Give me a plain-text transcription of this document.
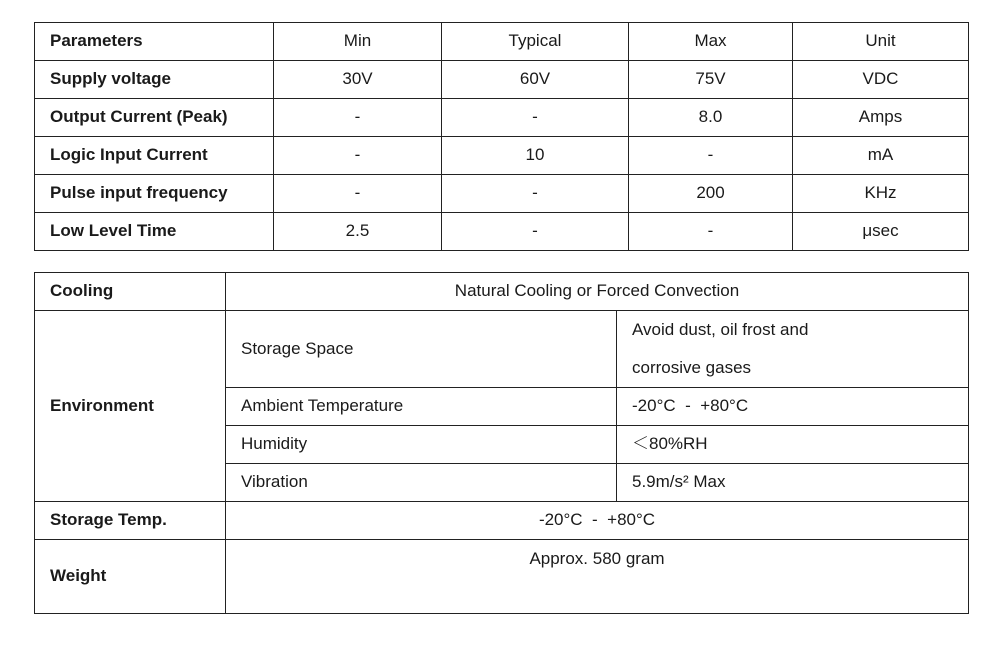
Parameters	Min	Typical	Max	Unit
Supply voltage	30V	60V	75V	VDC
Output Current (Peak)	-	-	8.0	Amps
Logic Input Current	-	10	-	mA
Pulse input frequency	-	-	200	KHz
Low Level Time	2.5	-	-	μsec
Cooling	Natural Cooling or Forced Convection	
Environment	Storage Space	Avoid dust, oil frost and
corrosive gases

	Ambient Temperature	-20°C  -  +80°C
	Humidity	＜80%RH
	Vibration	5.9m/s² Max
Storage Temp.	-20°C  -  +80°C	
Weight	Approx. 580 gram	
